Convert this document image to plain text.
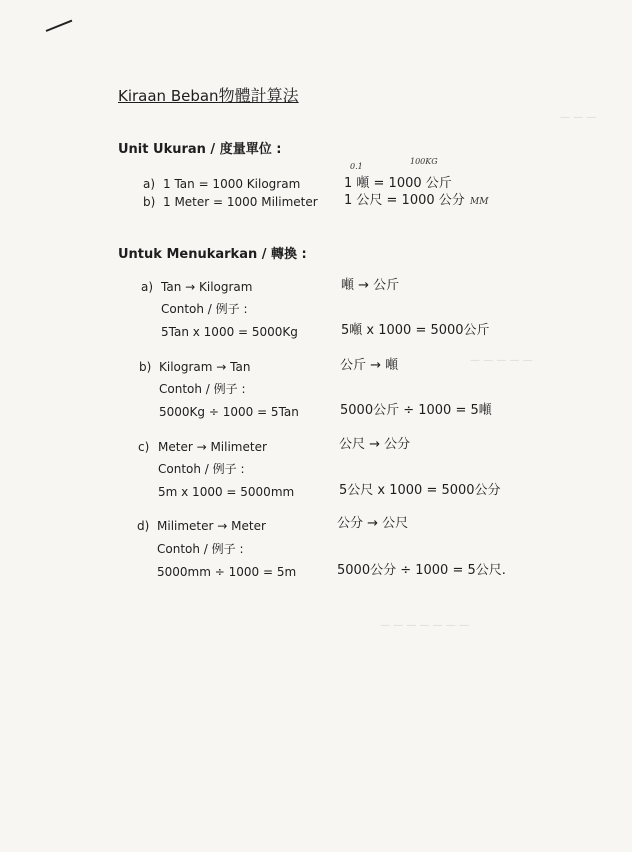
— — —
— — — — —
— — — — — — —
Kiraan Beban物體計算法
Unit Ukuran / 度量單位 :
0.1
100KG
a) 1 Tan = 1000 Kilogram	1 噸 = 1000 公斤
b) 1 Meter = 1000 Milimeter 1 公尺 = 1000 公分 MM
Untuk Menukarkan / 轉換 :
a) Tan → Kilogram	噸 → 公斤
Contoh / 例子 :
5Tan x 1000 = 5000Kg	5噸 x 1000 = 5000公斤
b) Kilogram → Tan	公斤 → 噸
Contoh / 例子 :
5000Kg ÷ 1000 = 5Tan	5000公斤 ÷ 1000 = 5噸
c) Meter → Milimeter	公尺 → 公分
Contoh / 例子 :
5m x 1000 = 5000mm	5公尺 x 1000 = 5000公分
d) Milimeter → Meter	公分 → 公尺
Contoh / 例子 :
5000mm ÷ 1000 = 5m	5000公分 ÷ 1000 = 5公尺.
